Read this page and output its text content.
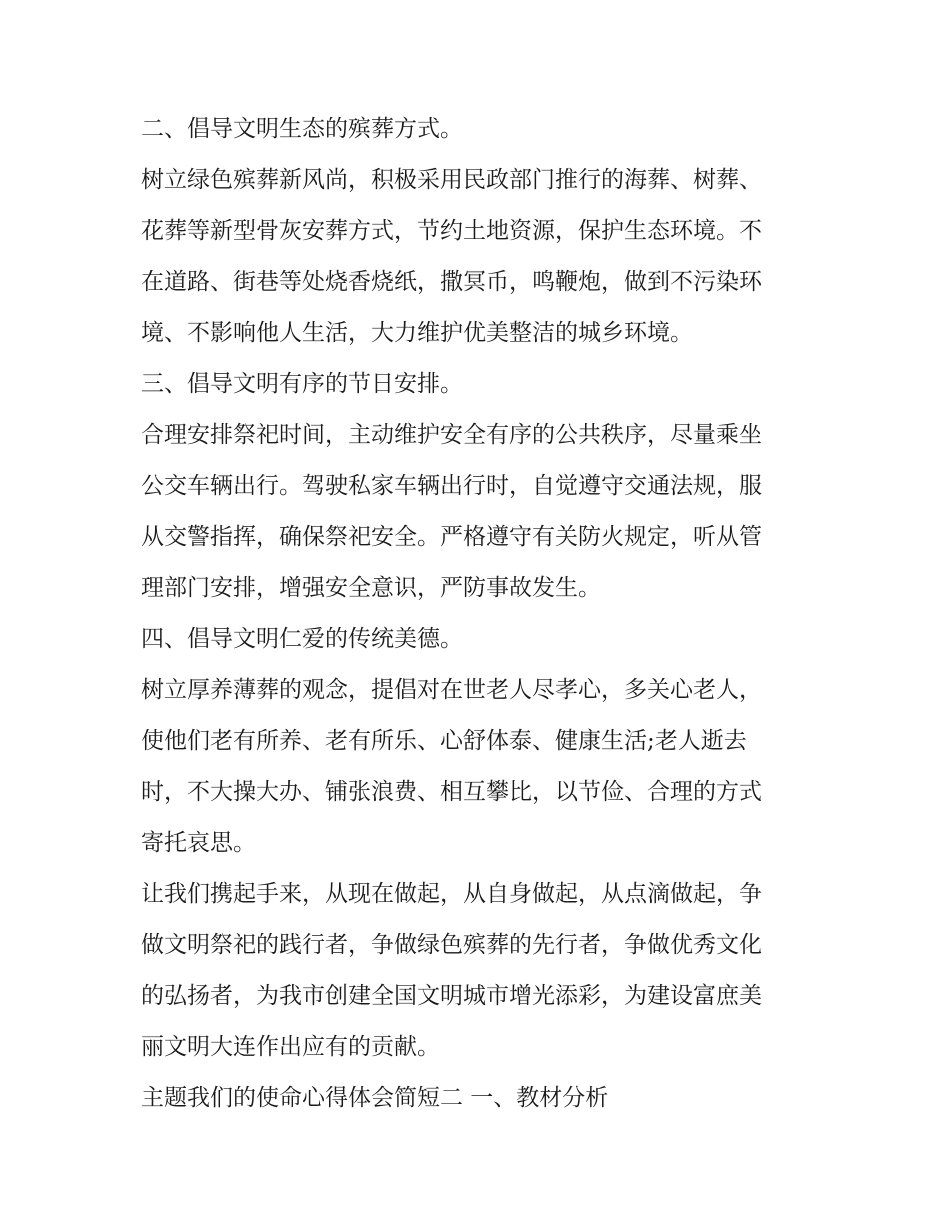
二、倡导文明生态的殡葬方式。
树立绿色殡葬新风尚，积极采用民政部门推行的海葬、树葬、
花葬等新型骨灰安葬方式，节约土地资源，保护生态环境。不
在道路、街巷等处烧香烧纸，撒冥币，鸣鞭炮，做到不污染环
境、不影响他人生活，大力维护优美整洁的城乡环境。
三、倡导文明有序的节日安排。
合理安排祭祀时间，主动维护安全有序的公共秩序，尽量乘坐
公交车辆出行。驾驶私家车辆出行时，自觉遵守交通法规，服
从交警指挥，确保祭祀安全。严格遵守有关防火规定，听从管
理部门安排，增强安全意识，严防事故发生。
四、倡导文明仁爱的传统美德。
树立厚养薄葬的观念，提倡对在世老人尽孝心，多关心老人，
使他们老有所养、老有所乐、心舒体泰、健康生活;老人逝去
时，不大操大办、铺张浪费、相互攀比，以节俭、合理的方式
寄托哀思。
让我们携起手来，从现在做起，从自身做起，从点滴做起，争
做文明祭祀的践行者，争做绿色殡葬的先行者，争做优秀文化
的弘扬者，为我市创建全国文明城市增光添彩，为建设富庶美
丽文明大连作出应有的贡献。
主题我们的使命心得体会简短二 一、教材分析
